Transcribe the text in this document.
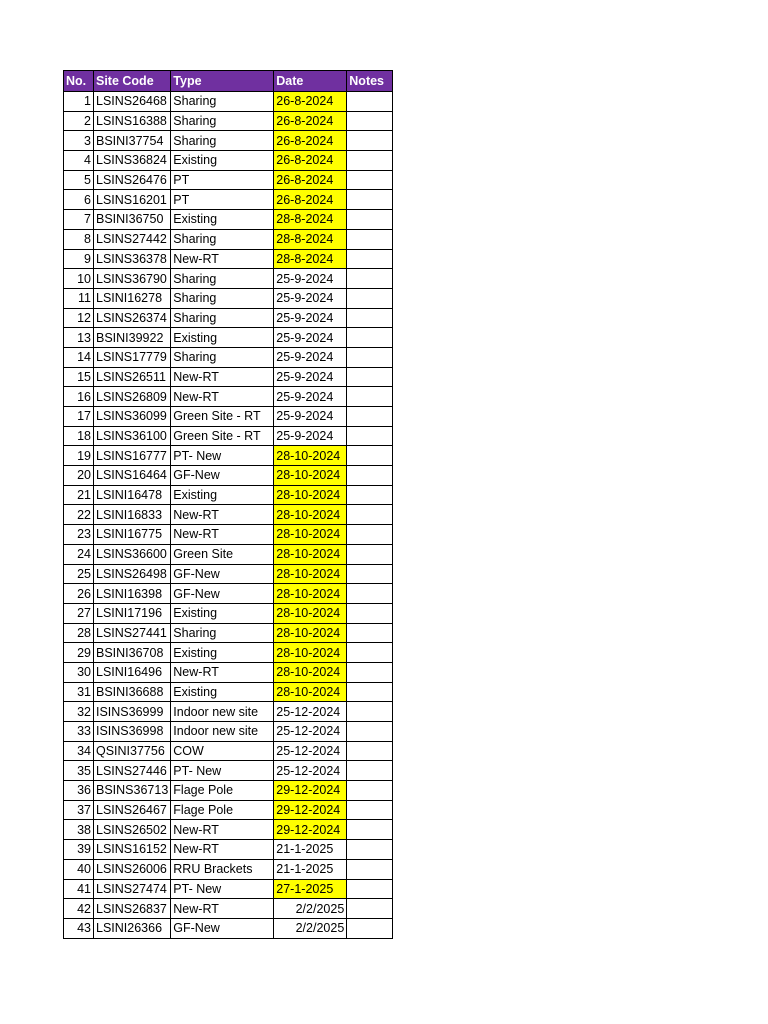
No.	Site Code	Type	Date	Notes
1	LSINS26468	Sharing	26-8-2024	
2	LSINS16388	Sharing	26-8-2024	
3	BSINI37754	Sharing	26-8-2024	
4	LSINS36824	Existing	26-8-2024	
5	LSINS26476	PT	26-8-2024	
6	LSINS16201	PT	26-8-2024	
7	BSINI36750	Existing	28-8-2024	
8	LSINS27442	Sharing	28-8-2024	
9	LSINS36378	New-RT	28-8-2024	
10	LSINS36790	Sharing	25-9-2024	
11	LSINI16278	Sharing	25-9-2024	
12	LSINS26374	Sharing	25-9-2024	
13	BSINI39922	Existing	25-9-2024	
14	LSINS17779	Sharing	25-9-2024	
15	LSINS26511	New-RT	25-9-2024	
16	LSINS26809	New-RT	25-9-2024	
17	LSINS36099	Green Site - RT	25-9-2024	
18	LSINS36100	Green Site - RT	25-9-2024	
19	LSINS16777	PT- New	28-10-2024	
20	LSINS16464	GF-New	28-10-2024	
21	LSINI16478	Existing	28-10-2024	
22	LSINI16833	New-RT	28-10-2024	
23	LSINI16775	New-RT	28-10-2024	
24	LSINS36600	Green Site	28-10-2024	
25	LSINS26498	GF-New	28-10-2024	
26	LSINI16398	GF-New	28-10-2024	
27	LSINI17196	Existing	28-10-2024	
28	LSINS27441	Sharing	28-10-2024	
29	BSINI36708	Existing	28-10-2024	
30	LSINI16496	New-RT	28-10-2024	
31	BSINI36688	Existing	28-10-2024	
32	ISINS36999	Indoor new site	25-12-2024	
33	ISINS36998	Indoor new site	25-12-2024	
34	QSINI37756	COW	25-12-2024	
35	LSINS27446	PT- New	25-12-2024	
36	BSINS36713	Flage Pole	29-12-2024	
37	LSINS26467	Flage Pole	29-12-2024	
38	LSINS26502	New-RT	29-12-2024	
39	LSINS16152	New-RT	21-1-2025	
40	LSINS26006	RRU Brackets	21-1-2025	
41	LSINS27474	PT- New	27-1-2025	
42	LSINS26837	New-RT	2/2/2025	
43	LSINI26366	GF-New	2/2/2025	
